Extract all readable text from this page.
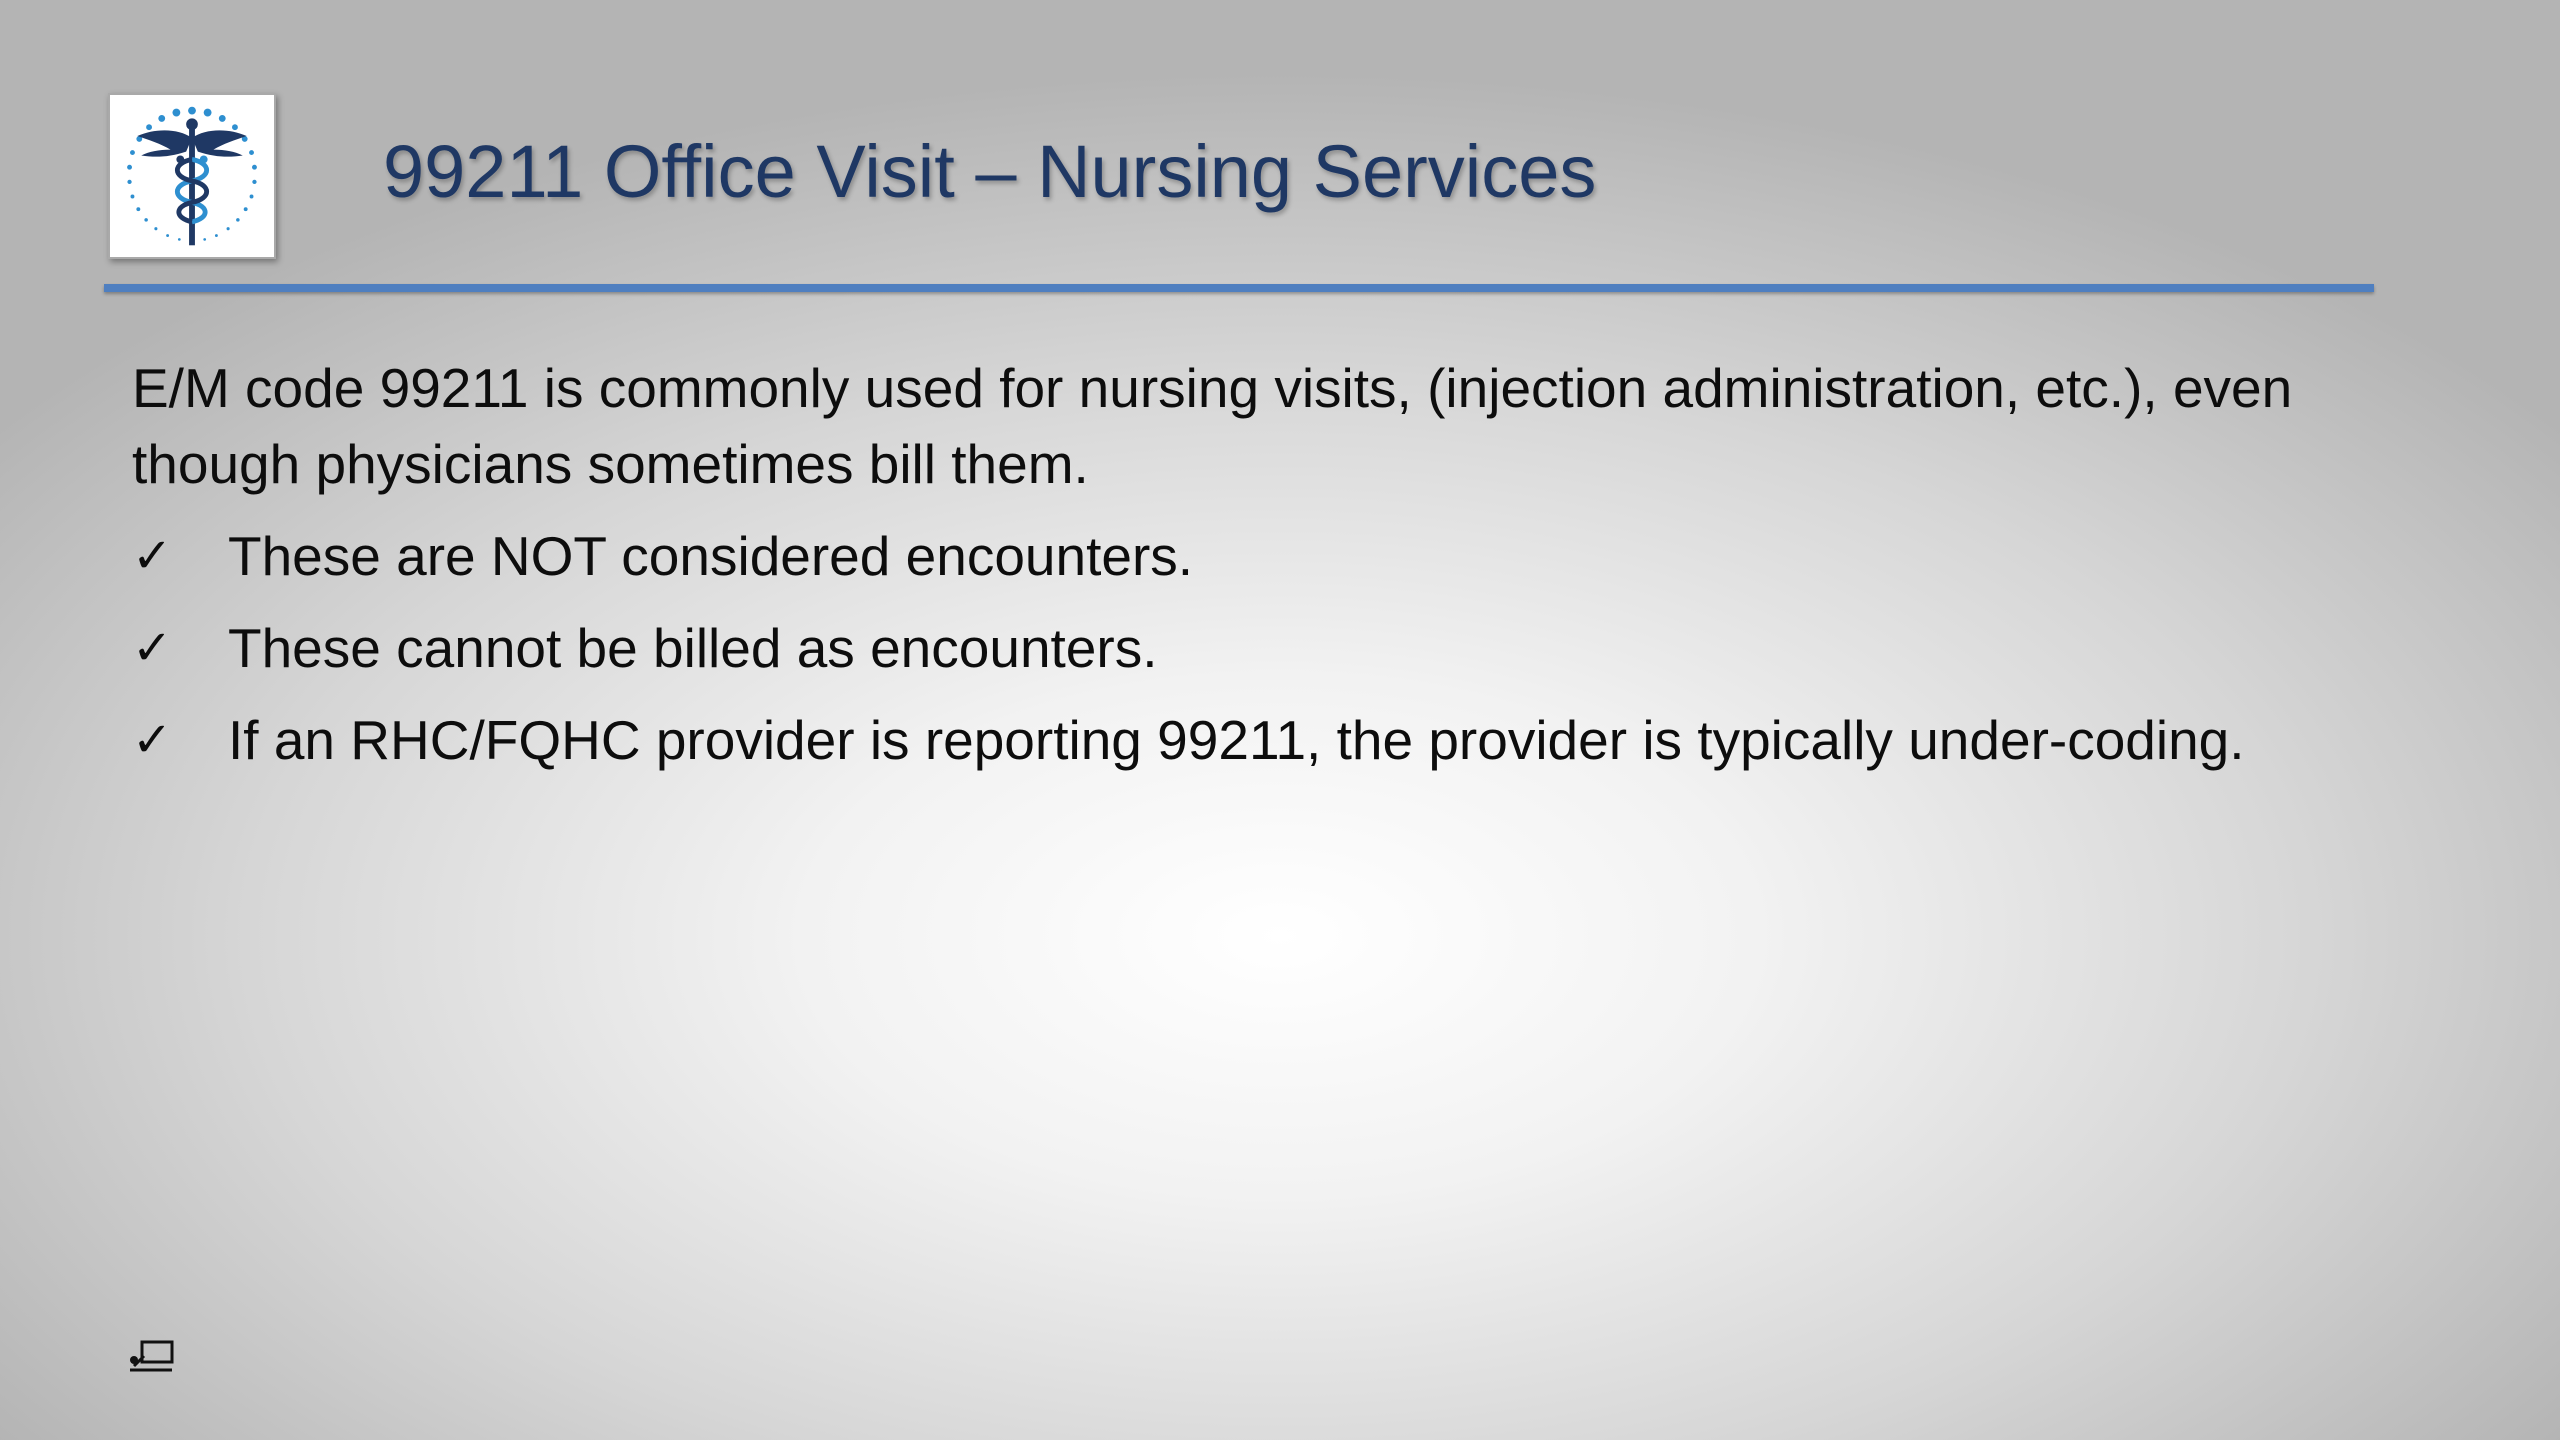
99211 Office Visit – Nursing Services
E/M code 99211 is commonly used for nursing visits, (injection administration, etc.), even though physicians sometimes bill them.
✓ These are NOT considered encounters.
✓ These cannot be billed as encounters.
✓ If an RHC/FQHC provider is reporting 99211, the provider is typically under-coding.
